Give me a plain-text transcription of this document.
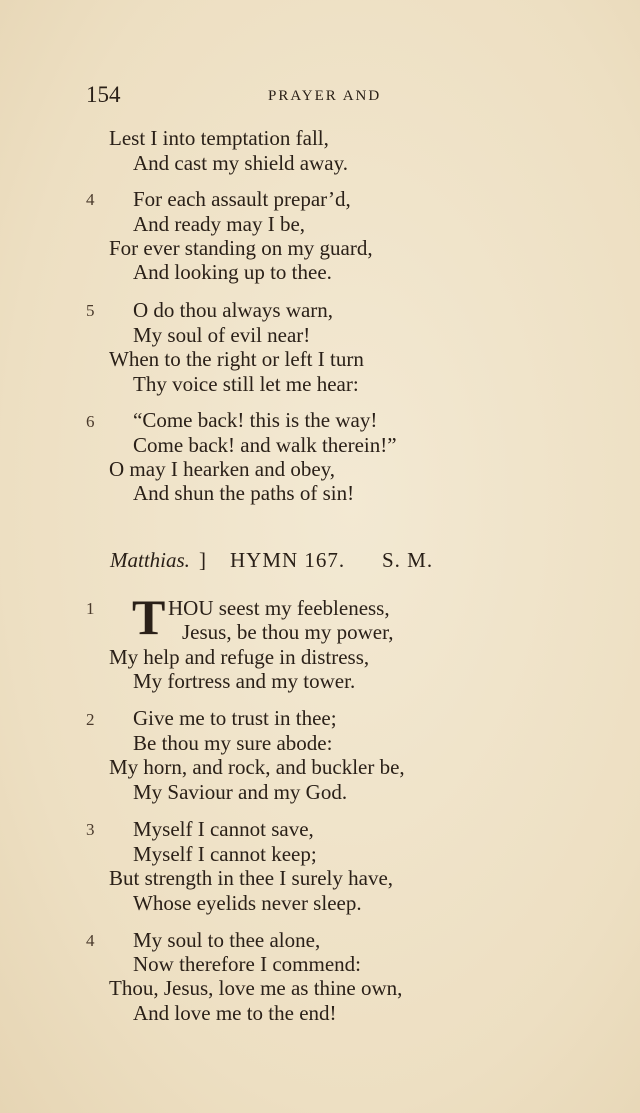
154	PRAYER AND
Lest I into temptation fall,
And cast my shield away.
4 For each assault prepar’d,
And ready may I be,
For ever standing on my guard,
And looking up to thee.
5 O do thou always warn,
My soul of evil near!
When to the right or left I turn
Thy voice still let me hear:
6 “Come back! this is the way!
Come back! and walk therein!”
O may I hearken and obey,
And shun the paths of sin!
Matthias. ] HYMN 167. S. M.
1 T HOU seest my feebleness,
Jesus, be thou my power,
My help and refuge in distress,
My fortress and my tower.
2 Give me to trust in thee;
Be thou my sure abode:
My horn, and rock, and buckler be,
My Saviour and my God.
3 Myself I cannot save,
Myself I cannot keep;
But strength in thee I surely have,
Whose eyelids never sleep.
4 My soul to thee alone,
Now therefore I commend:
Thou, Jesus, love me as thine own,
And love me to the end!
